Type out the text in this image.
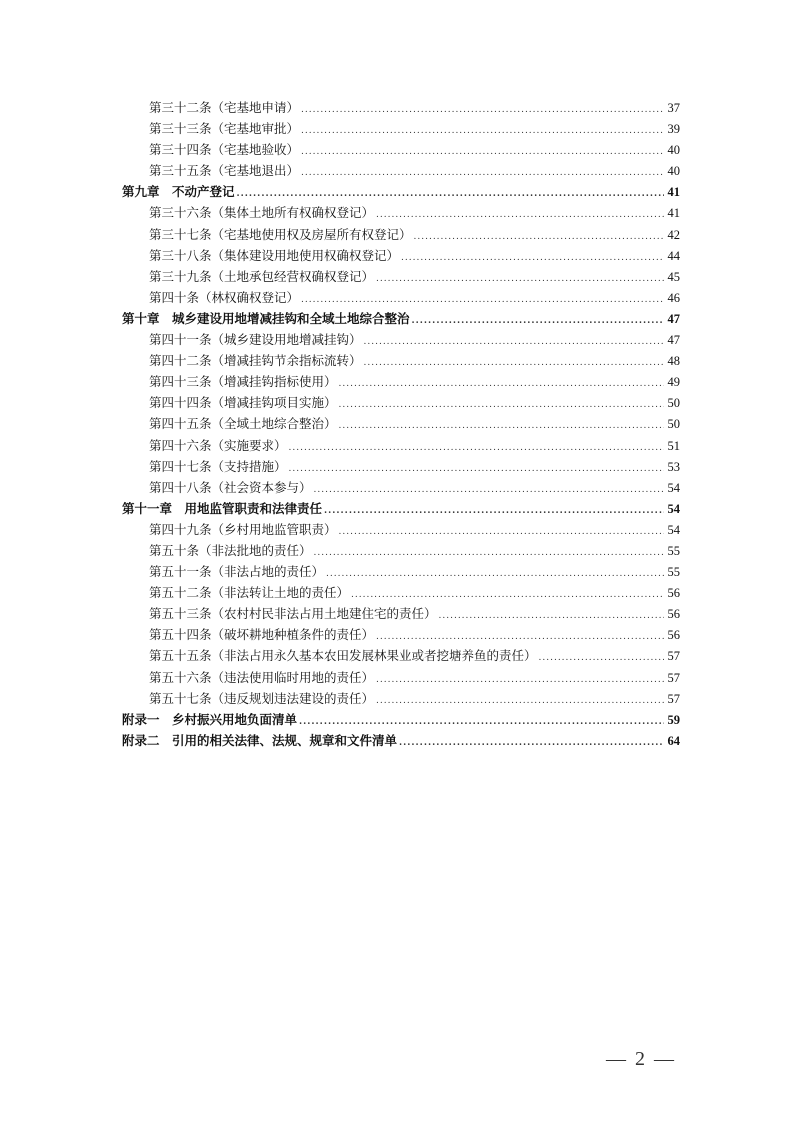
第三十二条（宅基地申请） .....	37
第三十三条（宅基地审批） .....	39
第三十四条（宅基地验收） .....	40
第三十五条（宅基地退出） .....	40
第九章　不动产登记 .....	41
第三十六条（集体土地所有权确权登记） .....	41
第三十七条（宅基地使用权及房屋所有权登记） .....	42
第三十八条（集体建设用地使用权确权登记） .....	44
第三十九条（土地承包经营权确权登记） .....	45
第四十条（林权确权登记） .....	46
第十章　城乡建设用地增减挂钩和全域土地综合整治 .....	47
第四十一条（城乡建设用地增减挂钩） .....	47
第四十二条（增减挂钩节余指标流转） .....	48
第四十三条（增减挂钩指标使用） .....	49
第四十四条（增减挂钩项目实施） .....	50
第四十五条（全域土地综合整治） .....	50
第四十六条（实施要求） .....	51
第四十七条（支持措施） .....	53
第四十八条（社会资本参与） .....	54
第十一章　用地监管职责和法律责任 .....	54
第四十九条（乡村用地监管职责） .....	54
第五十条（非法批地的责任） .....	55
第五十一条（非法占地的责任） .....	55
第五十二条（非法转让土地的责任） .....	56
第五十三条（农村村民非法占用土地建住宅的责任） .....	56
第五十四条（破坏耕地种植条件的责任） .....	56
第五十五条（非法占用永久基本农田发展林果业或者挖塘养鱼的责任） .....	57
第五十六条（违法使用临时用地的责任） .....	57
第五十七条（违反规划违法建设的责任） .....	57
附录一　乡村振兴用地负面清单 .....	59
附录二　引用的相关法律、法规、规章和文件清单 .....	64
— 2 —
